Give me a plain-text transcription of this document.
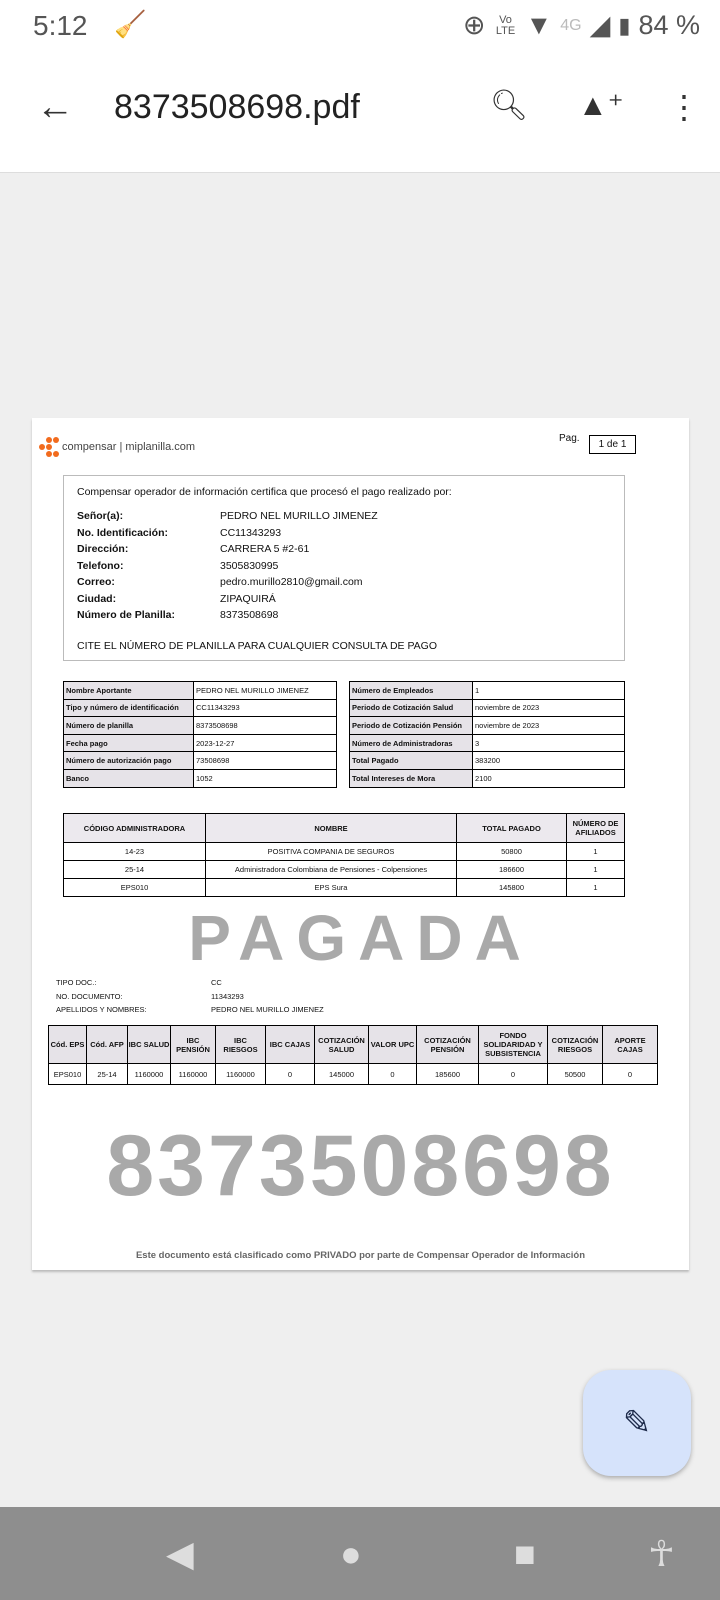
5:12 🧹	⊕	Vo LTE ▼ 4G ◢ ▮ 84 %
← 8373508698.pdf	🔍︎ ▲⁺ ⋮
compensar | miplanilla.com
Pag.
1 de 1
Compensar operador de información certifica que procesó el pago realizado por:
Señor(a):	PEDRO NEL MURILLO JIMENEZ
No. Identificación:	CC11343293
Dirección:	CARRERA 5 #2-61
Telefono:	3505830995
Correo:	pedro.murillo2810@gmail.com
Ciudad:	ZIPAQUIRÁ
Número de Planilla:	8373508698
CITE EL NÚMERO DE PLANILLA PARA CUALQUIER CONSULTA DE PAGO
Nombre Aportante	PEDRO NEL MURILLO JIMENEZ
Tipo y número de identificación	CC11343293
Número de planilla	8373508698
Fecha pago	2023-12-27
Número de autorización pago	73508698
Banco	1052
Número de Empleados	1
Periodo de Cotización Salud	noviembre de 2023
Periodo de Cotización Pensión	noviembre de 2023
Número de Administradoras	3
Total Pagado	383200
Total Intereses de Mora	2100
CÓDIGO ADMINISTRADORA	NOMBRE	TOTAL PAGADO	NÚMERO DE AFILIADOS
14-23	POSITIVA COMPANIA DE SEGUROS	50800	1
25-14	Administradora Colombiana de Pensiones - Colpensiones	186600	1
EPS010	EPS Sura	145800	1
PAGADA
TIPO DOC.:	CC
NO. DOCUMENTO:	11343293
APELLIDOS Y NOMBRES:	PEDRO NEL MURILLO JIMENEZ
Cód. EPS	Cód. AFP	IBC SALUD	IBC PENSIÓN	IBC RIESGOS	IBC CAJAS	COTIZACIÓN SALUD	VALOR UPC	COTIZACIÓN PENSIÓN	FONDO SOLIDARIDAD Y SUBSISTENCIA	COTIZACIÓN RIESGOS	APORTE CAJAS
EPS010	25-14	1160000	1160000	1160000	0	145000	0	185600	0	50500	0
8373508698
Este documento está clasificado como PRIVADO por parte de Compensar Operador de Información
✎
◀	●	■	☥
